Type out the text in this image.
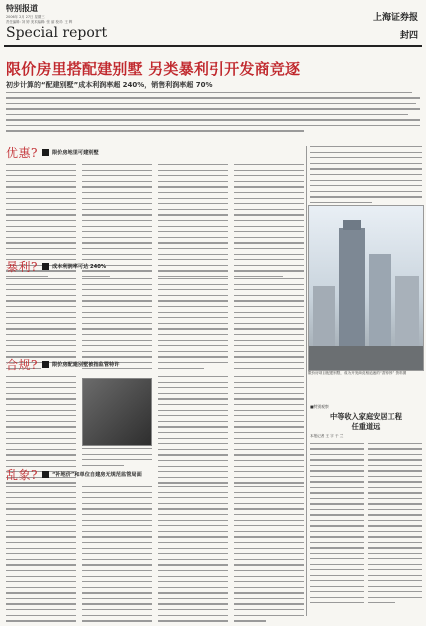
特别报道
2006年 2月 27日 星期三
责任编辑: 刘 婷 美术编辑: 张 丽 校对: 王 辉
Special report
上海证券报
封四
限价房里搭配建别墅 另类暴利引开发商竞逐
初步计算的“配建别墅”成本利润率超 240%，销售利润率超 70%
优惠?	限价房地里可建别墅
限价房项目配建别墅，成为开发商竞相追逐的“香饽饽” 资料图
暴利?	成本利润率可达 240%
合规?	限价房配建别墅被指监管特许
乱象?	“补地价”和单位自建房无规范监管局面
■特别观察
中等收入家庭安居工程
任重道远
本报记者 王 宇 于 兰
